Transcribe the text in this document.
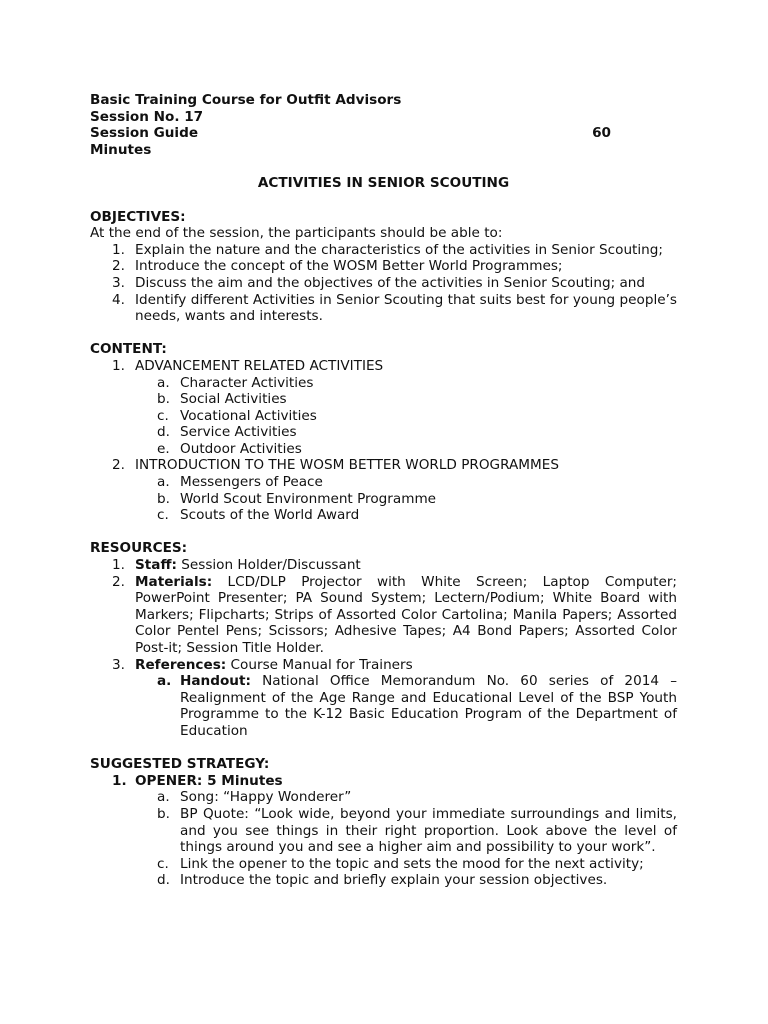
Basic Training Course for Outfit Advisors
Session No. 17
Session Guide	60
Minutes
ACTIVITIES IN SENIOR SCOUTING
OBJECTIVES:
At the end of the session, the participants should be able to:
1. Explain the nature and the characteristics of the activities in Senior Scouting;
2. Introduce the concept of the WOSM Better World Programmes;
3. Discuss the aim and the objectives of the activities in Senior Scouting; and
4. Identify different Activities in Senior Scouting that suits best for young people’s needs, wants and interests.
CONTENT:
1. ADVANCEMENT RELATED ACTIVITIES
a. Character Activities
b. Social Activities
c. Vocational Activities
d. Service Activities
e. Outdoor Activities
2. INTRODUCTION TO THE WOSM BETTER WORLD PROGRAMMES
a. Messengers of Peace
b. World Scout Environment Programme
c. Scouts of the World Award
RESOURCES:
1. Staff: Session Holder/Discussant
2. Materials: LCD/DLP Projector with White Screen; Laptop Computer; PowerPoint Presenter; PA Sound System; Lectern/Podium; White Board with Markers; Flipcharts; Strips of Assorted Color Cartolina; Manila Papers; Assorted Color Pentel Pens; Scissors; Adhesive Tapes; A4 Bond Papers; Assorted Color Post-it; Session Title Holder.
3. References: Course Manual for Trainers
a. Handout: National Office Memorandum No. 60 series of 2014 – Realignment of the Age Range and Educational Level of the BSP Youth Programme to the K-12 Basic Education Program of the Department of Education
SUGGESTED STRATEGY:
1. OPENER: 5 Minutes
a. Song: “Happy Wonderer”
b. BP Quote: “Look wide, beyond your immediate surroundings and limits, and you see things in their right proportion. Look above the level of things around you and see a higher aim and possibility to your work”.
c. Link the opener to the topic and sets the mood for the next activity;
d. Introduce the topic and briefly explain your session objectives.
